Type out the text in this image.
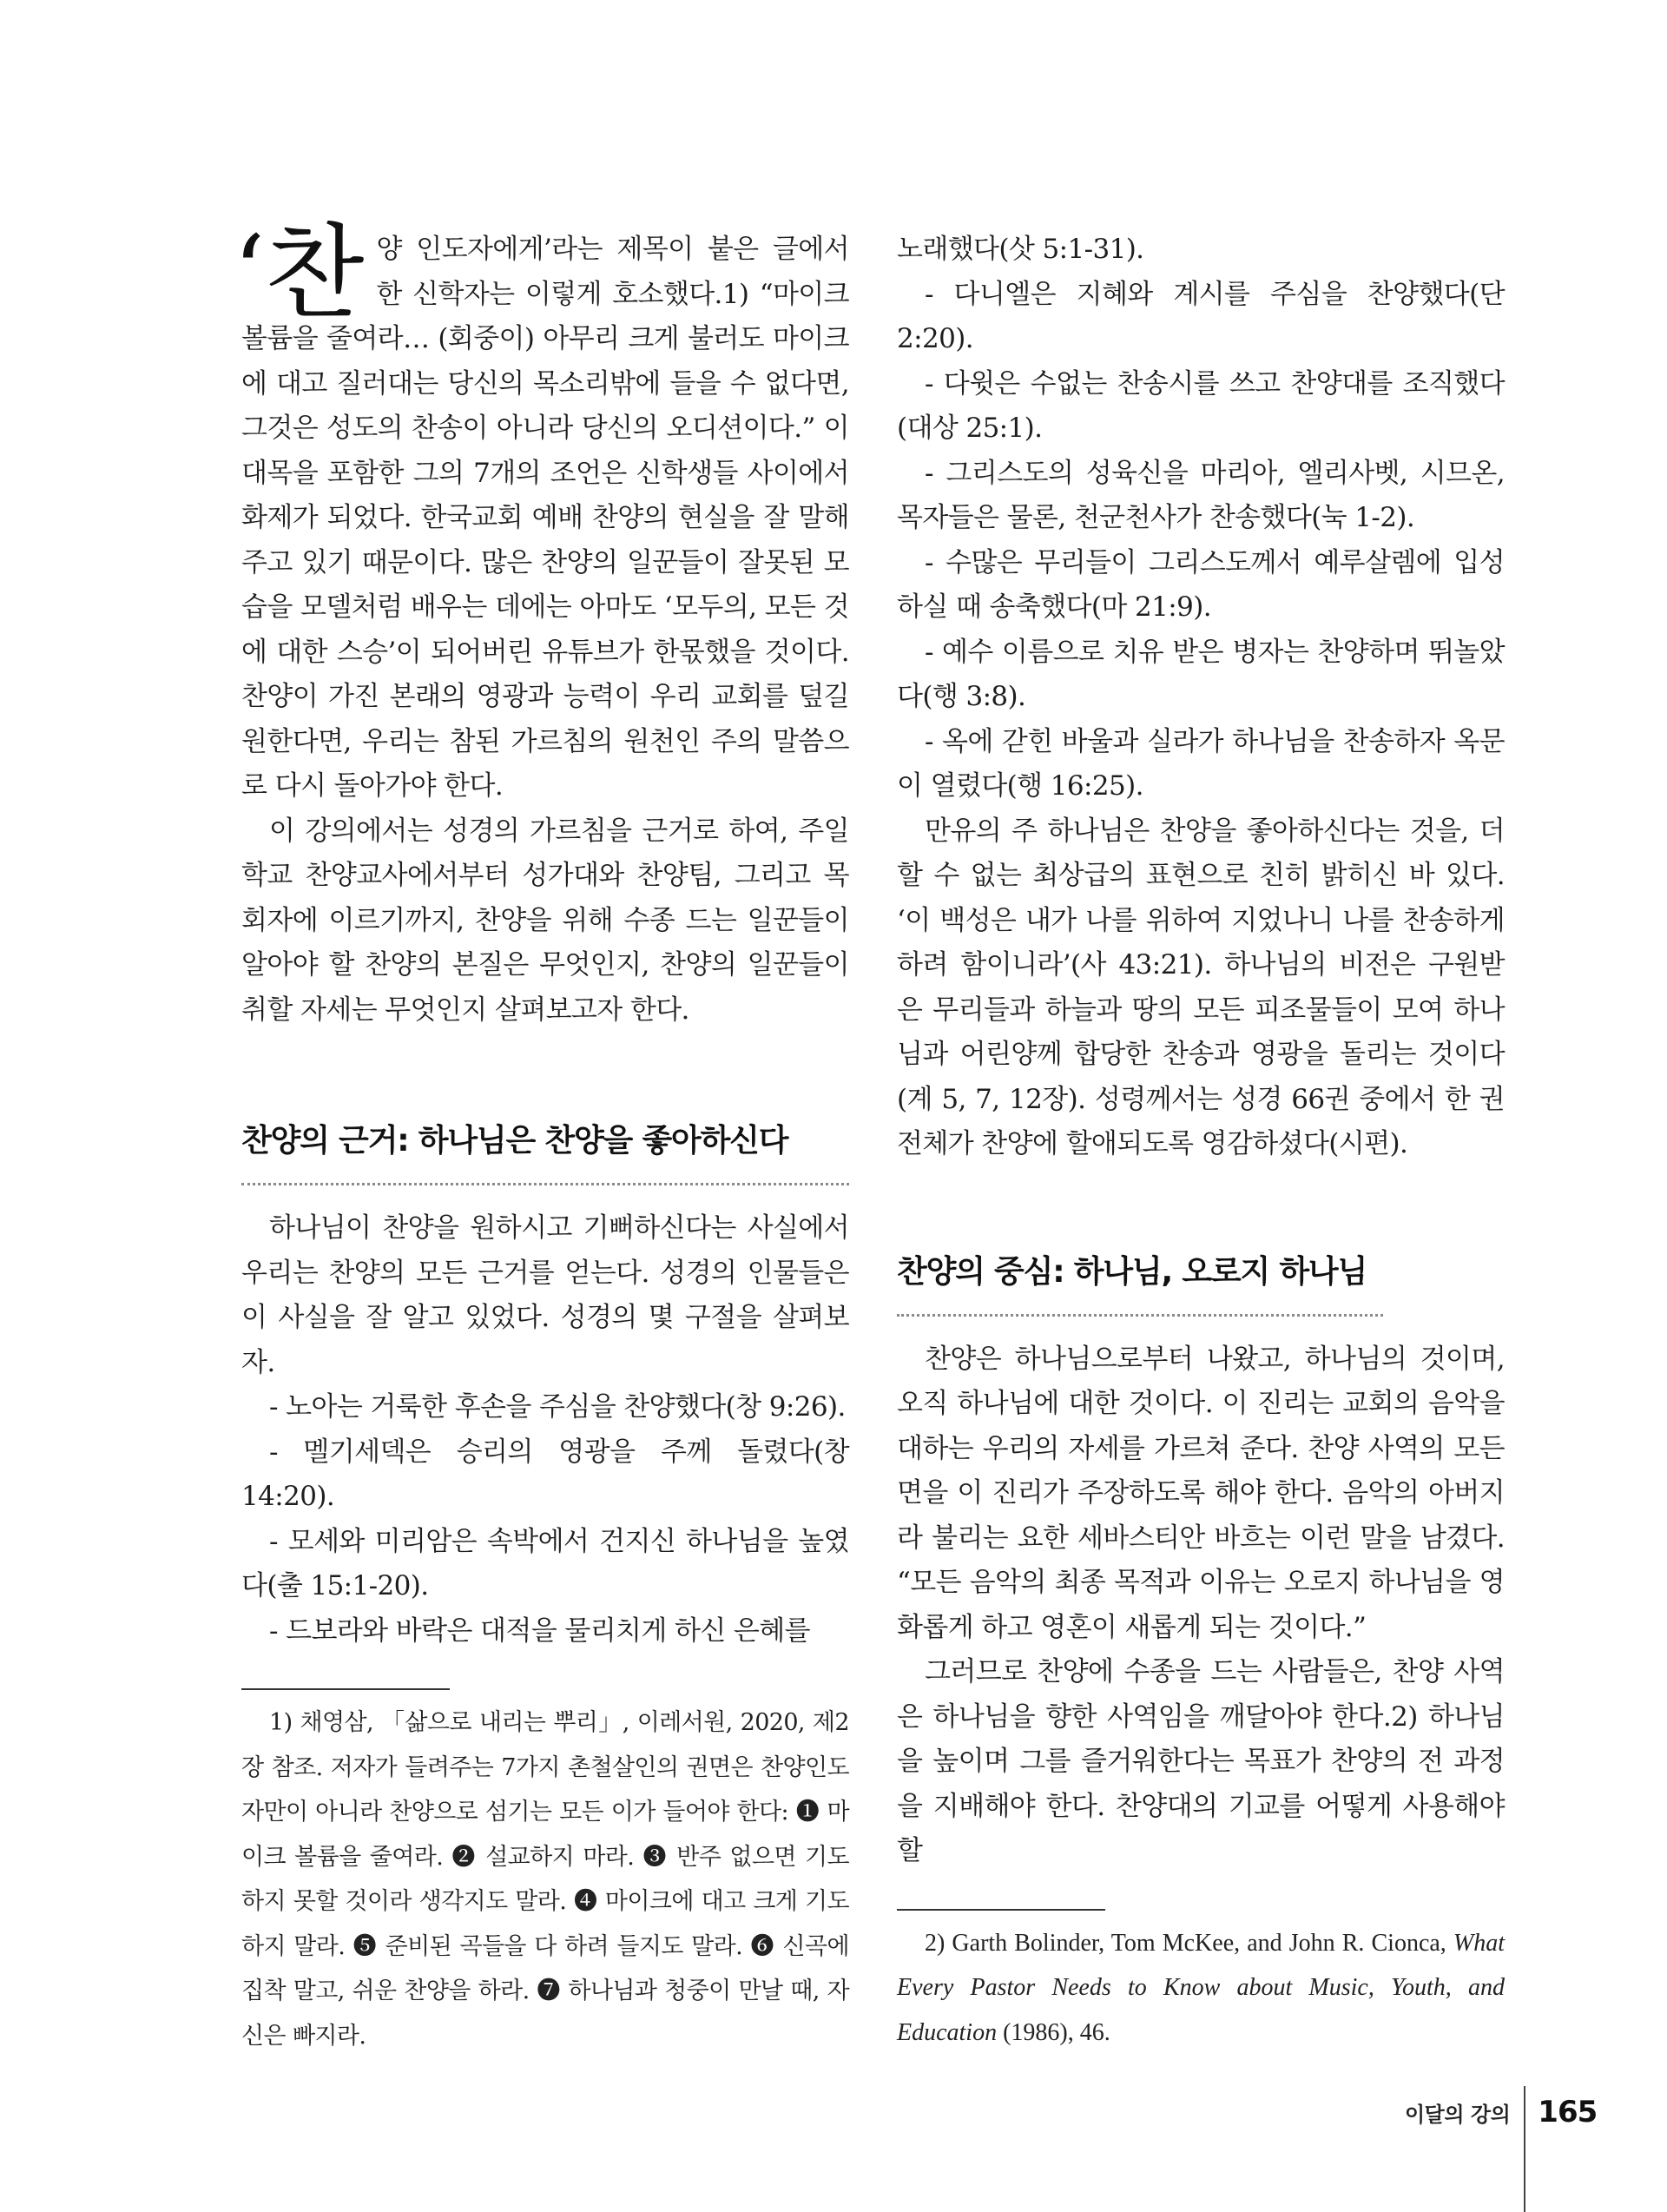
‘찬 양 인도자에게’라는 제목이 붙은 글에서 한 신학자는 이렇게 호소했다.1) “마이크 볼륨을 줄여라… (회중이) 아무리 크게 불러도 마이크에 대고 질러대는 당신의 목소리밖에 들을 수 없다면, 그것은 성도의 찬송이 아니라 당신의 오디션이다.” 이 대목을 포함한 그의 7개의 조언은 신학생들 사이에서 화제가 되었다. 한국교회 예배 찬양의 현실을 잘 말해주고 있기 때문이다. 많은 찬양의 일꾼들이 잘못된 모습을 모델처럼 배우는 데에는 아마도 ‘모두의, 모든 것에 대한 스승’이 되어버린 유튜브가 한몫했을 것이다. 찬양이 가진 본래의 영광과 능력이 우리 교회를 덮길 원한다면, 우리는 참된 가르침의 원천인 주의 말씀으로 다시 돌아가야 한다.

이 강의에서는 성경의 가르침을 근거로 하여, 주일학교 찬양교사에서부터 성가대와 찬양팀, 그리고 목회자에 이르기까지, 찬양을 위해 수종 드는 일꾼들이 알아야 할 찬양의 본질은 무엇인지, 찬양의 일꾼들이 취할 자세는 무엇인지 살펴보고자 한다.

찬양의 근거: 하나님은 찬양을 좋아하신다

하나님이 찬양을 원하시고 기뻐하신다는 사실에서 우리는 찬양의 모든 근거를 얻는다. 성경의 인물들은 이 사실을 잘 알고 있었다. 성경의 몇 구절을 살펴보자.

- 노아는 거룩한 후손을 주심을 찬양했다(창 9:26).

- 멜기세덱은 승리의 영광을 주께 돌렸다(창 14:20).

- 모세와 미리암은 속박에서 건지신 하나님을 높였다(출 15:1-20).

- 드보라와 바락은 대적을 물리치게 하신 은혜를

1) 채영삼, 「삶으로 내리는 뿌리」, 이레서원, 2020, 제2장 참조. 저자가 들려주는 7가지 촌철살인의 권면은 찬양인도자만이 아니라 찬양으로 섬기는 모든 이가 들어야 한다: ❶ 마이크 볼륨을 줄여라. ❷ 설교하지 마라. ❸ 반주 없으면 기도하지 못할 것이라 생각지도 말라. ❹ 마이크에 대고 크게 기도하지 말라. ❺ 준비된 곡들을 다 하려 들지도 말라. ❻ 신곡에 집착 말고, 쉬운 찬양을 하라. ❼ 하나님과 청중이 만날 때, 자신은 빠지라.

노래했다(삿 5:1-31).

- 다니엘은 지혜와 계시를 주심을 찬양했다(단 2:20).

- 다윗은 수없는 찬송시를 쓰고 찬양대를 조직했다(대상 25:1).

- 그리스도의 성육신을 마리아, 엘리사벳, 시므온, 목자들은 물론, 천군천사가 찬송했다(눅 1-2).

- 수많은 무리들이 그리스도께서 예루살렘에 입성하실 때 송축했다(마 21:9).

- 예수 이름으로 치유 받은 병자는 찬양하며 뛰놀았다(행 3:8).

- 옥에 갇힌 바울과 실라가 하나님을 찬송하자 옥문이 열렸다(행 16:25).

만유의 주 하나님은 찬양을 좋아하신다는 것을, 더할 수 없는 최상급의 표현으로 친히 밝히신 바 있다. ‘이 백성은 내가 나를 위하여 지었나니 나를 찬송하게 하려 함이니라’(사 43:21). 하나님의 비전은 구원받은 무리들과 하늘과 땅의 모든 피조물들이 모여 하나님과 어린양께 합당한 찬송과 영광을 돌리는 것이다(계 5, 7, 12장). 성령께서는 성경 66권 중에서 한 권 전체가 찬양에 할애되도록 영감하셨다(시편).

찬양의 중심: 하나님, 오로지 하나님

찬양은 하나님으로부터 나왔고, 하나님의 것이며, 오직 하나님에 대한 것이다. 이 진리는 교회의 음악을 대하는 우리의 자세를 가르쳐 준다. 찬양 사역의 모든 면을 이 진리가 주장하도록 해야 한다. 음악의 아버지라 불리는 요한 세바스티안 바흐는 이런 말을 남겼다. “모든 음악의 최종 목적과 이유는 오로지 하나님을 영화롭게 하고 영혼이 새롭게 되는 것이다.”

그러므로 찬양에 수종을 드는 사람들은, 찬양 사역은 하나님을 향한 사역임을 깨달아야 한다.2) 하나님을 높이며 그를 즐거워한다는 목표가 찬양의 전 과정을 지배해야 한다. 찬양대의 기교를 어떻게 사용해야 할

2) Garth Bolinder, Tom McKee, and John R. Cionca, What Every Pastor Needs to Know about Music, Youth, and Education (1986), 46.

이달의 강의 165
